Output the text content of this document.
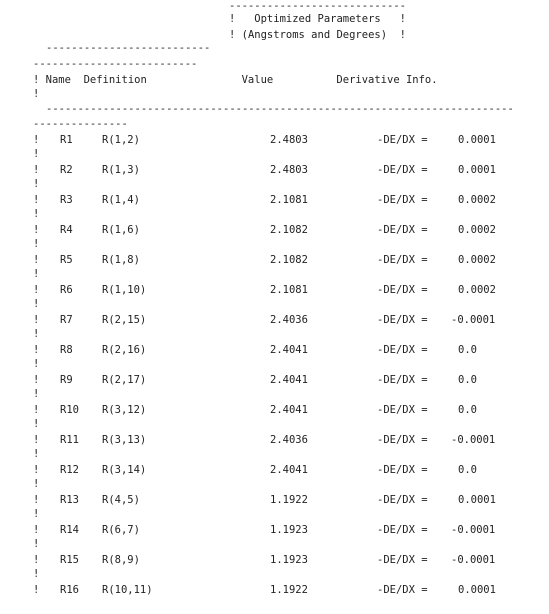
----------------------------
!   Optimized Parameters   !
! (Angstroms and Degrees)  !
--------------------------
--------------------------
! Name  Definition               Value          Derivative Info.
!
--------------------------------------------------------------------------
---------------
! R1	R(1,2)	2.4803	-DE/DX =	0.0001
!
! R2	R(1,3)	2.4803	-DE/DX =	0.0001
!
! R3	R(1,4)	2.1081	-DE/DX =	0.0002
!
! R4	R(1,6)	2.1082	-DE/DX =	0.0002
!
! R5	R(1,8)	2.1082	-DE/DX =	0.0002
!
! R6	R(1,10)	2.1081	-DE/DX =	0.0002
!
! R7	R(2,15)	2.4036	-DE/DX = -0.0001
!
! R8	R(2,16)	2.4041	-DE/DX =	0.0
!
! R9	R(2,17)	2.4041	-DE/DX =	0.0
!
! R10 R(3,12)	2.4041	-DE/DX =	0.0
!
! R11 R(3,13)	2.4036	-DE/DX = -0.0001
!
! R12 R(3,14)	2.4041	-DE/DX =	0.0
!
! R13 R(4,5)	1.1922	-DE/DX =	0.0001
!
! R14 R(6,7)	1.1923	-DE/DX = -0.0001
!
! R15 R(8,9)	1.1923	-DE/DX = -0.0001
!
! R16 R(10,11)	1.1922	-DE/DX =	0.0001
